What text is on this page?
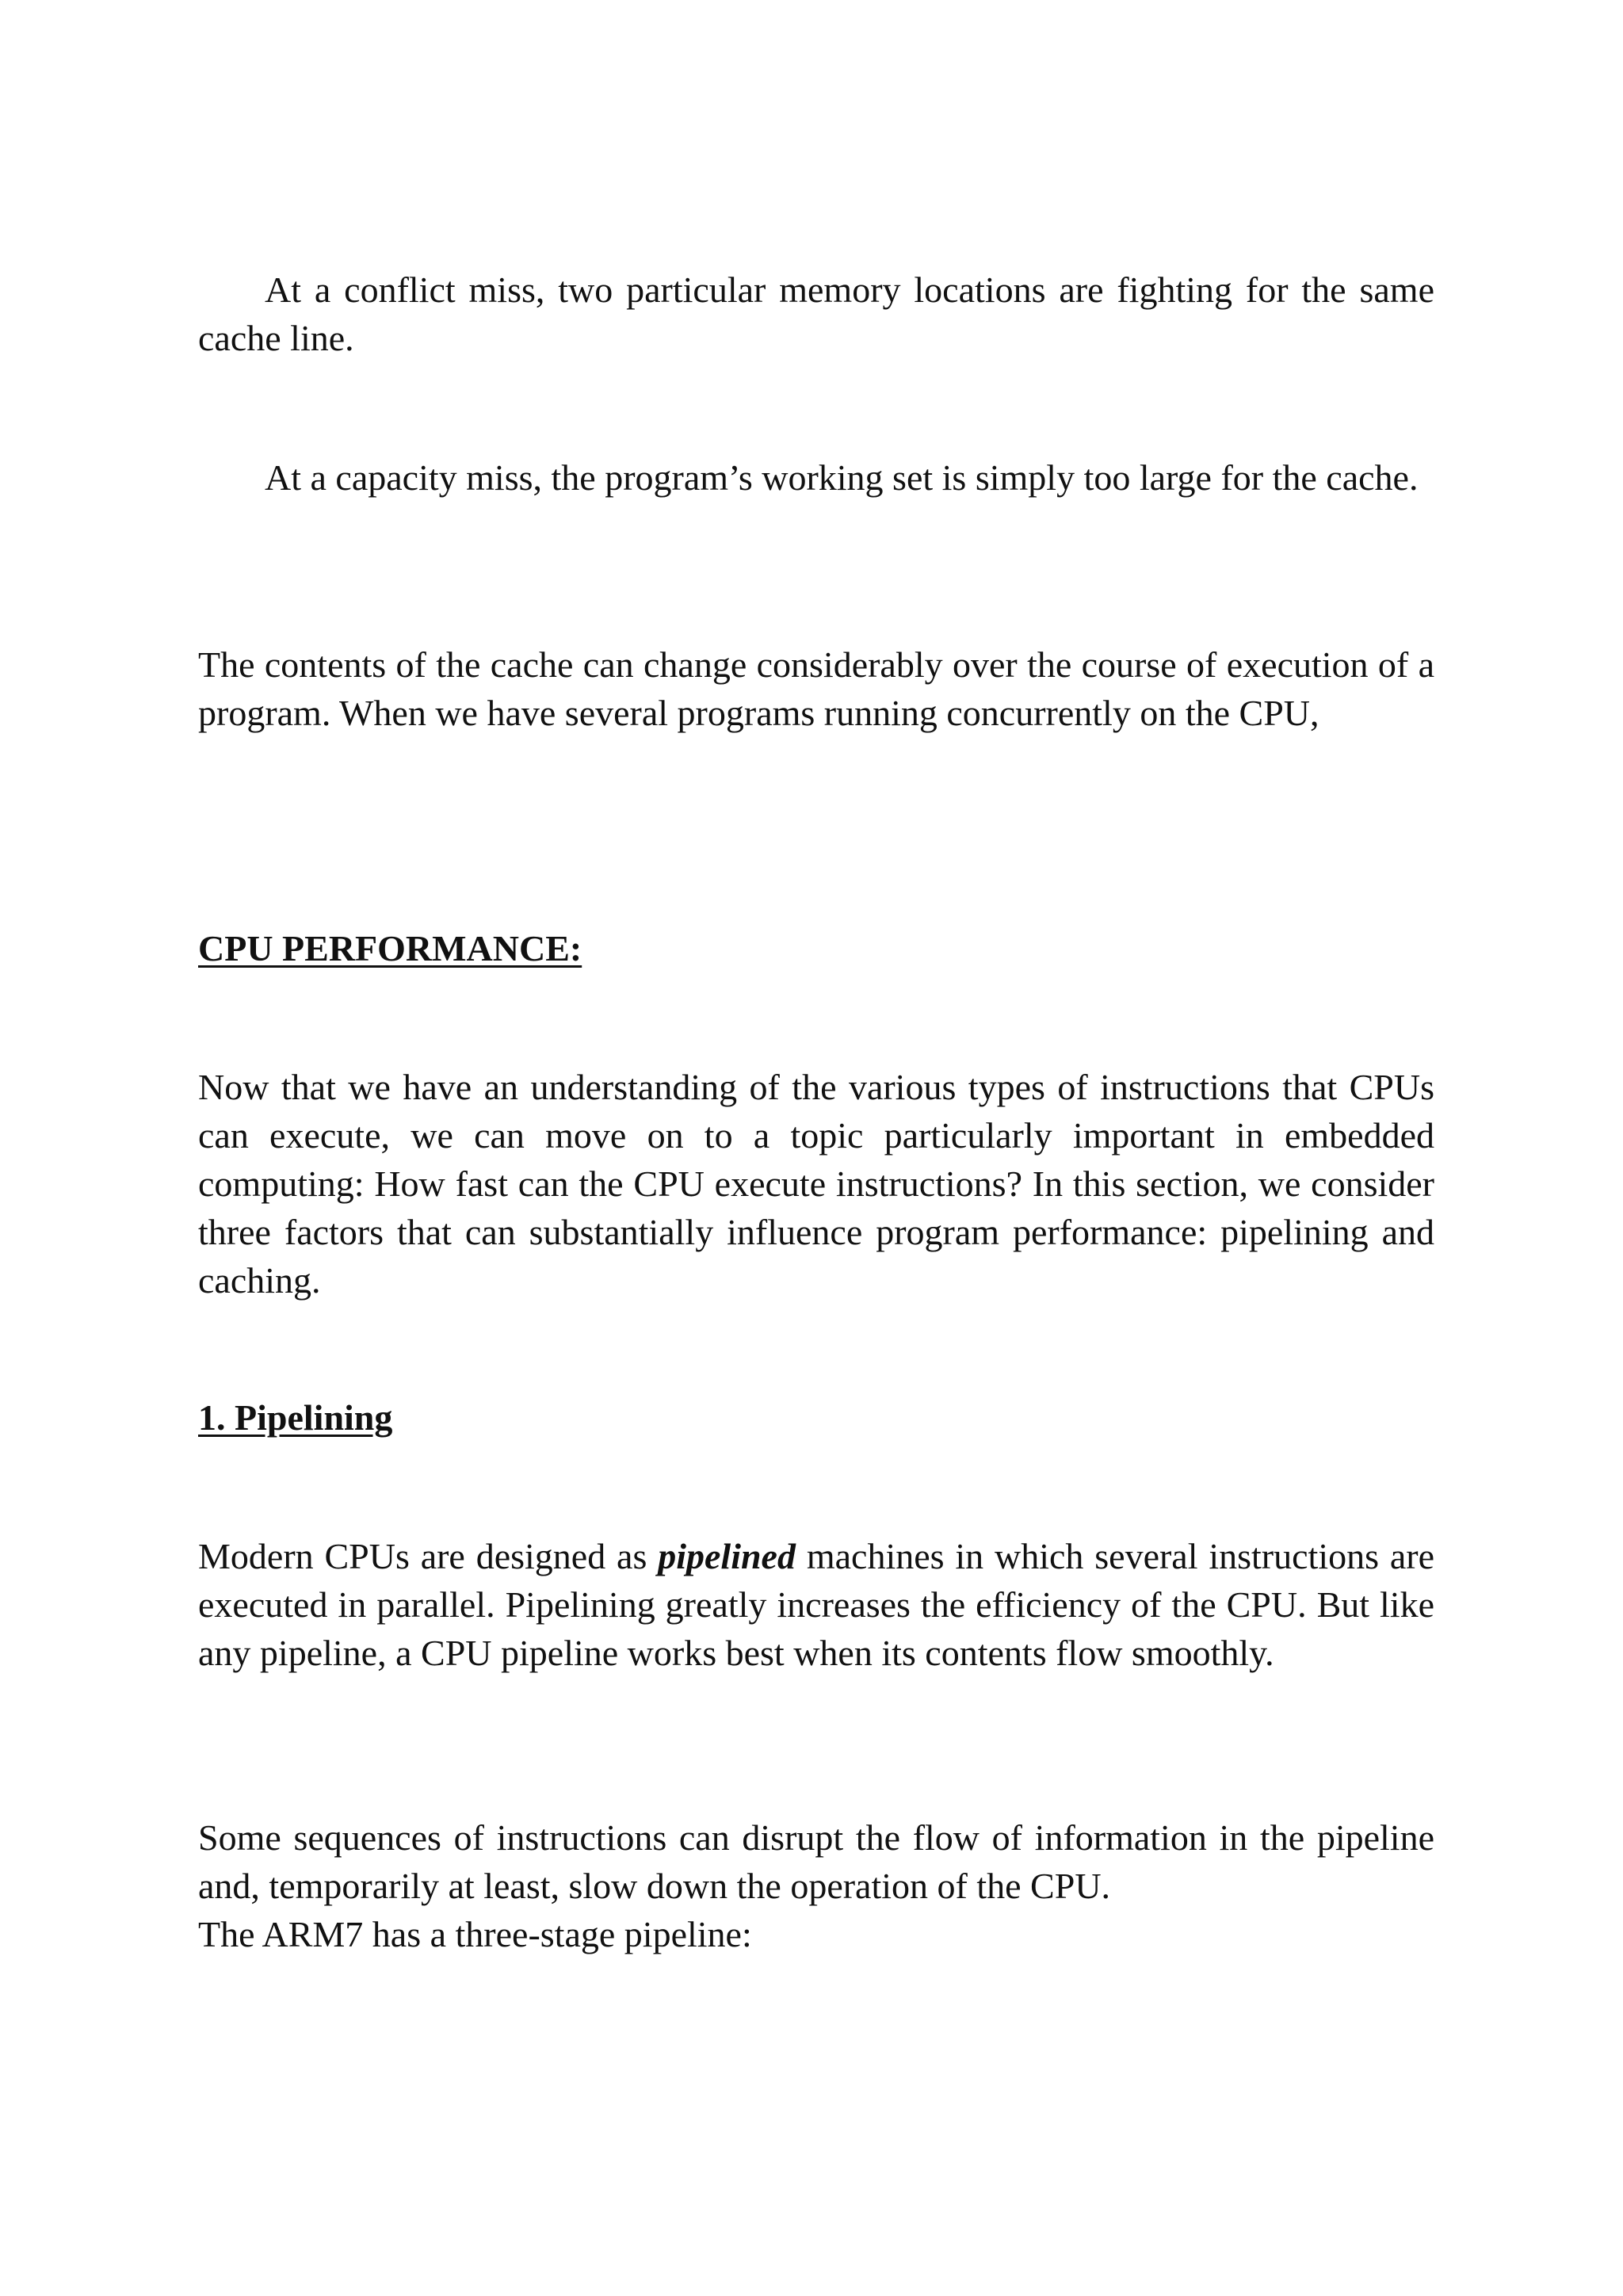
At a conflict miss, two particular memory locations are fighting for the same cache line.

At a capacity miss, the program’s working set is simply too large for the cache.

The contents of the cache can change considerably over the course of execution of a program. When we have several programs running concurrently on the CPU,

CPU PERFORMANCE:

Now that we have an understanding of the various types of instructions that CPUs can execute, we can move on to a topic particularly important in embedded computing: How fast can the CPU execute instructions? In this section, we consider three factors that can substantially influence program performance: pipelining and caching.

1. Pipelining

Modern CPUs are designed as pipelined machines in which several instructions are executed in parallel. Pipelining greatly increases the efficiency of the CPU. But like any pipeline, a CPU pipeline works best when its contents flow smoothly.

Some sequences of instructions can disrupt the flow of information in the pipeline and, temporarily at least, slow down the operation of the CPU.

The ARM7 has a three-stage pipeline:
